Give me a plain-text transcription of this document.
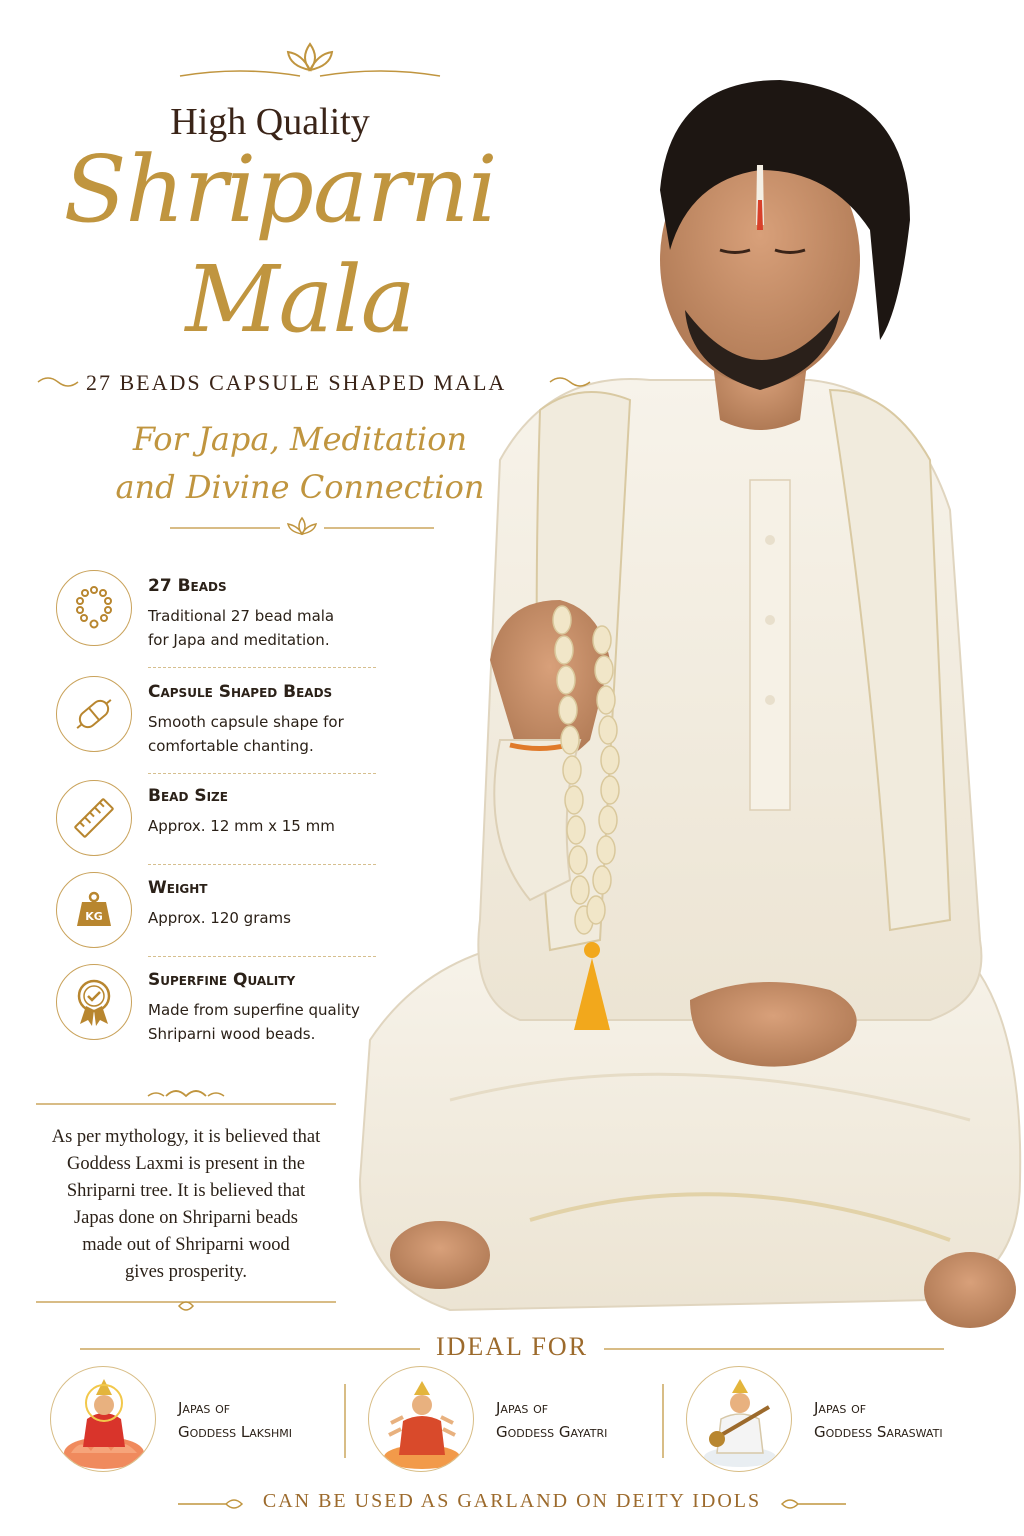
High Quality
Shriparni
Mala
27 BEADS CAPSULE SHAPED MALA
For Japa, Meditation
and Divine Connection
27 Beads
Traditional 27 bead mala
for Japa and meditation.
Capsule Shaped Beads
Smooth capsule shape for
comfortable chanting.
Bead Size
Approx. 12 mm x 15 mm
KG
Weight
Approx. 120 grams
Superfine Quality
Made from superfine quality
Shriparni wood beads.
As per mythology, it is believed that
Goddess Laxmi is present in the
Shriparni tree. It is believed that
Japas done on Shriparni beads
made out of Shriparni wood
gives prosperity.
IDEAL FOR
Japas of
Goddess Lakshmi
Japas of
Goddess Gayatri
Japas of
Goddess Saraswati
CAN BE USED AS GARLAND ON DEITY IDOLS
